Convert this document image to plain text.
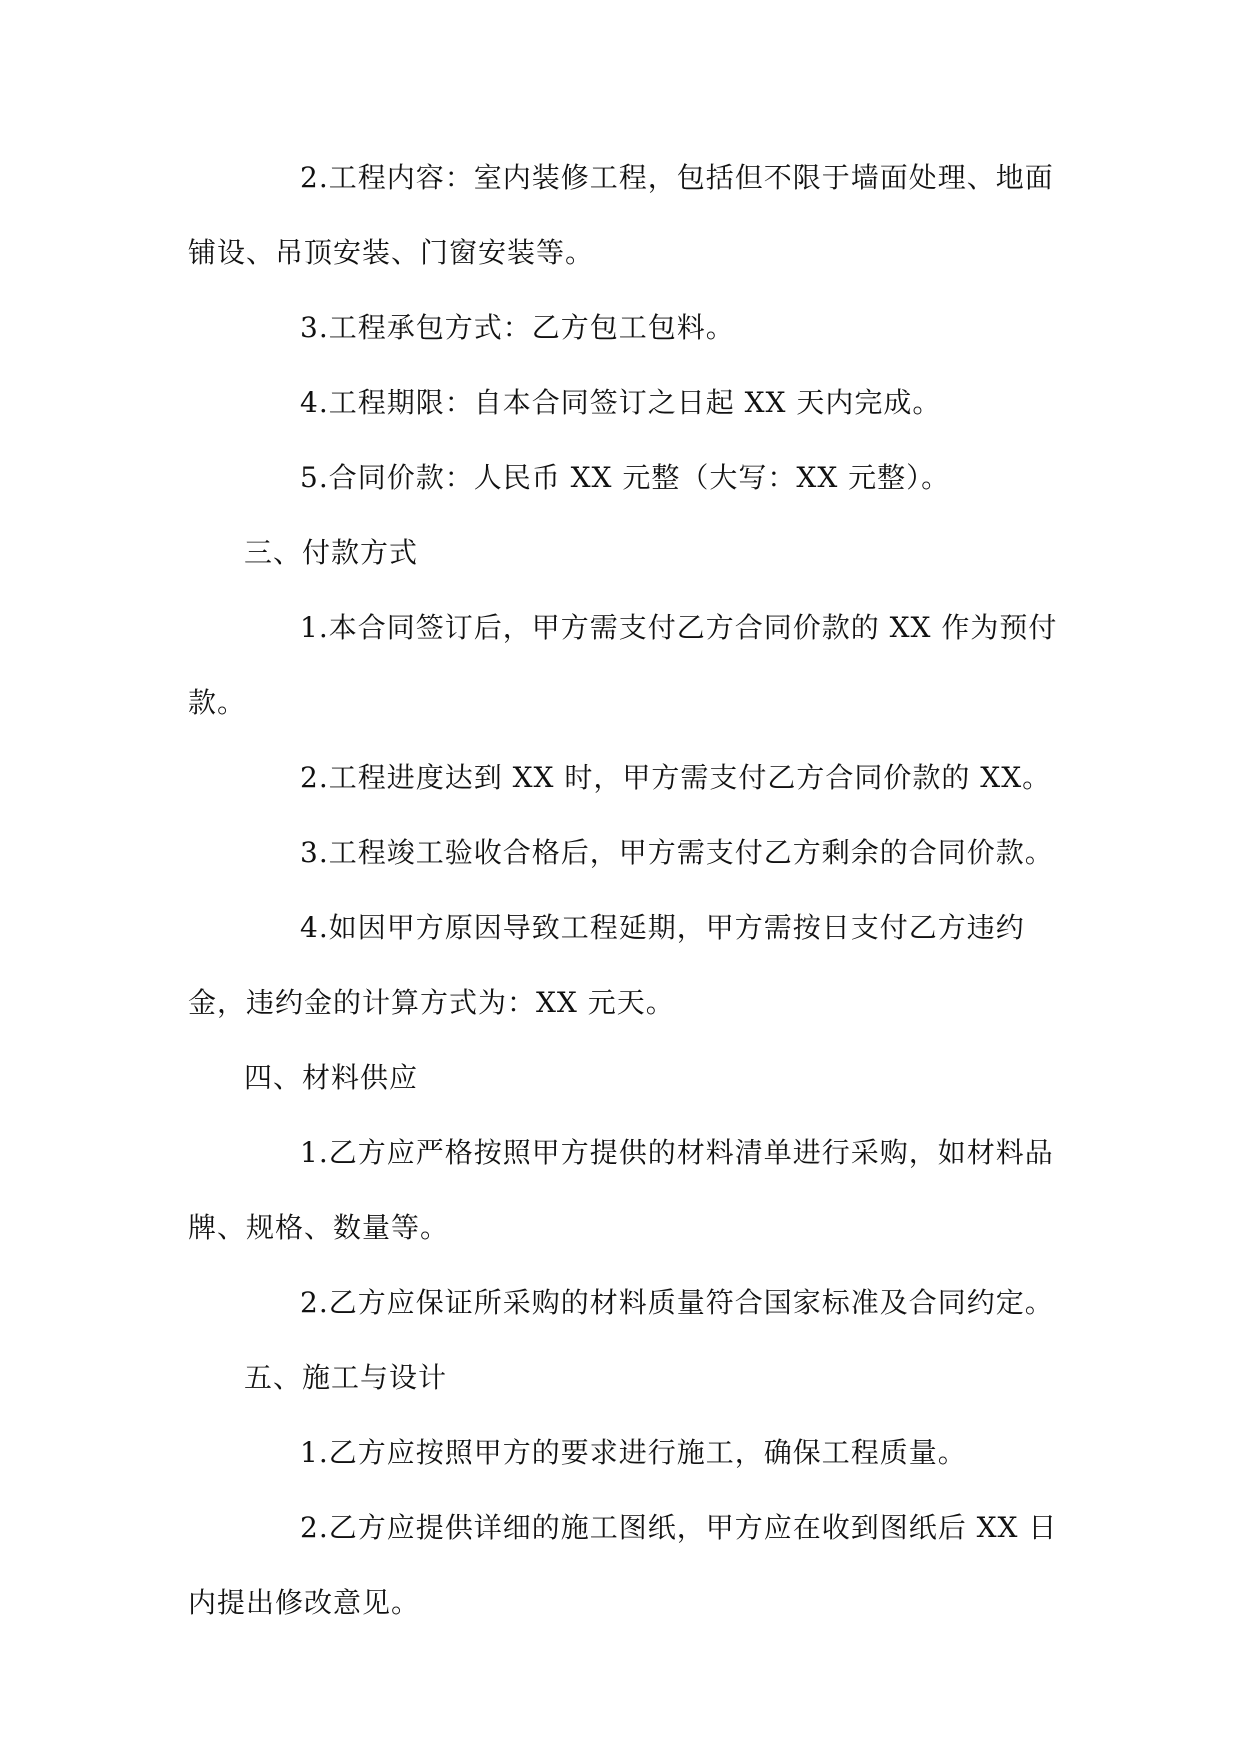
2.工程内容：室内装修工程，包括但不限于墙面处理、地面铺设、吊顶安装、门窗安装等。

3.工程承包方式：乙方包工包料。

4.工程期限：自本合同签订之日起 XX 天内完成。

5.合同价款：人民币 XX 元整（大写：XX 元整）。

三、付款方式

1.本合同签订后，甲方需支付乙方合同价款的 XX 作为预付款。

2.工程进度达到 XX 时，甲方需支付乙方合同价款的 XX。

3.工程竣工验收合格后，甲方需支付乙方剩余的合同价款。

4.如因甲方原因导致工程延期，甲方需按日支付乙方违约金，违约金的计算方式为：XX 元天。

四、材料供应

1.乙方应严格按照甲方提供的材料清单进行采购，如材料品牌、规格、数量等。

2.乙方应保证所采购的材料质量符合国家标准及合同约定。

五、施工与设计

1.乙方应按照甲方的要求进行施工，确保工程质量。

2.乙方应提供详细的施工图纸，甲方应在收到图纸后 XX 日内提出修改意见。
